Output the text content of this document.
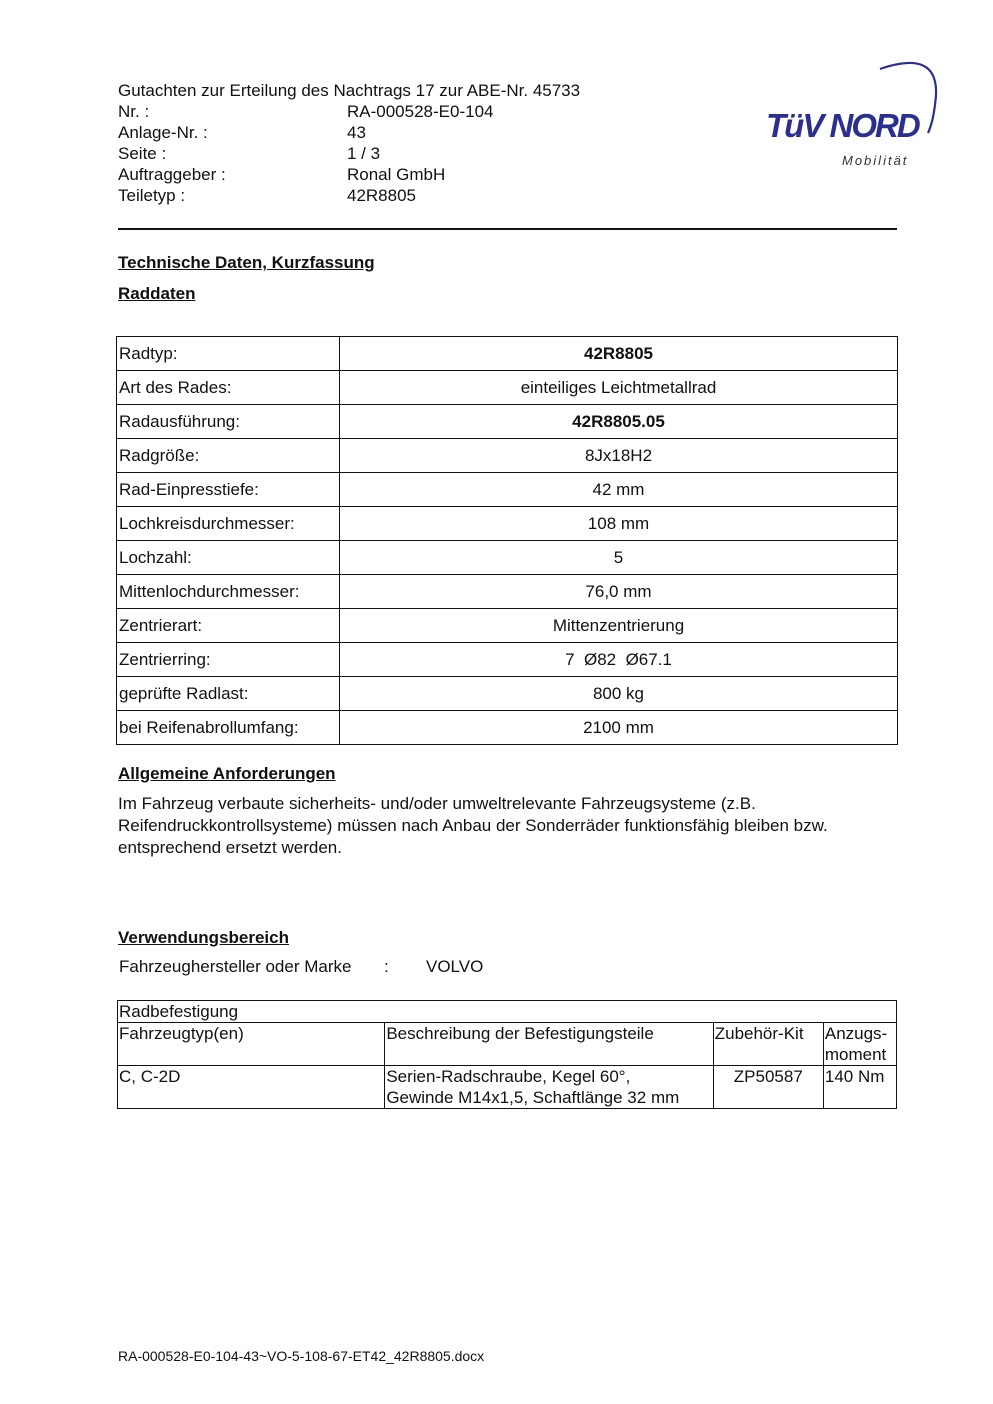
Gutachten zur Erteilung des Nachtrags 17 zur ABE-Nr. 45733
Nr. :	RA-000528-E0-104
Anlage-Nr. :	43
Seite :	1 / 3
Auftraggeber :	Ronal GmbH
Teiletyp :	42R8805
TüV NORD
Mobilität
Technische Daten, Kurzfassung
Raddaten
Radtyp:	42R8805
Art des Rades:	einteiliges Leichtmetallrad
Radausführung:	42R8805.05
Radgröße:	8Jx18H2
Rad-Einpresstiefe:	42 mm
Lochkreisdurchmesser:	108 mm
Lochzahl:	5
Mittenlochdurchmesser:	76,0 mm
Zentrierart:	Mittenzentrierung
Zentrierring:	7  Ø82  Ø67.1
geprüfte Radlast:	800 kg
bei Reifenabrollumfang:	2100 mm
Allgemeine Anforderungen
Im Fahrzeug verbaute sicherheits- und/oder umweltrelevante Fahrzeugsysteme (z.B. Reifendruckkontrollsysteme) müssen nach Anbau der Sonderräder funktionsfähig bleiben bzw. entsprechend ersetzt werden.
Verwendungsbereich
Fahrzeughersteller oder Marke : VOLVO
Radbefestigung			
Fahrzeugtyp(en)	Beschreibung der Befestigungsteile	Zubehör-Kit	Anzugs-
moment

C, C-2D	Serien-Radschraube, Kegel 60°,
Gewinde M14x1,5, Schaftlänge 32 mm	ZP50587	140 Nm
RA-000528-E0-104-43~VO-5-108-67-ET42_42R8805.docx
